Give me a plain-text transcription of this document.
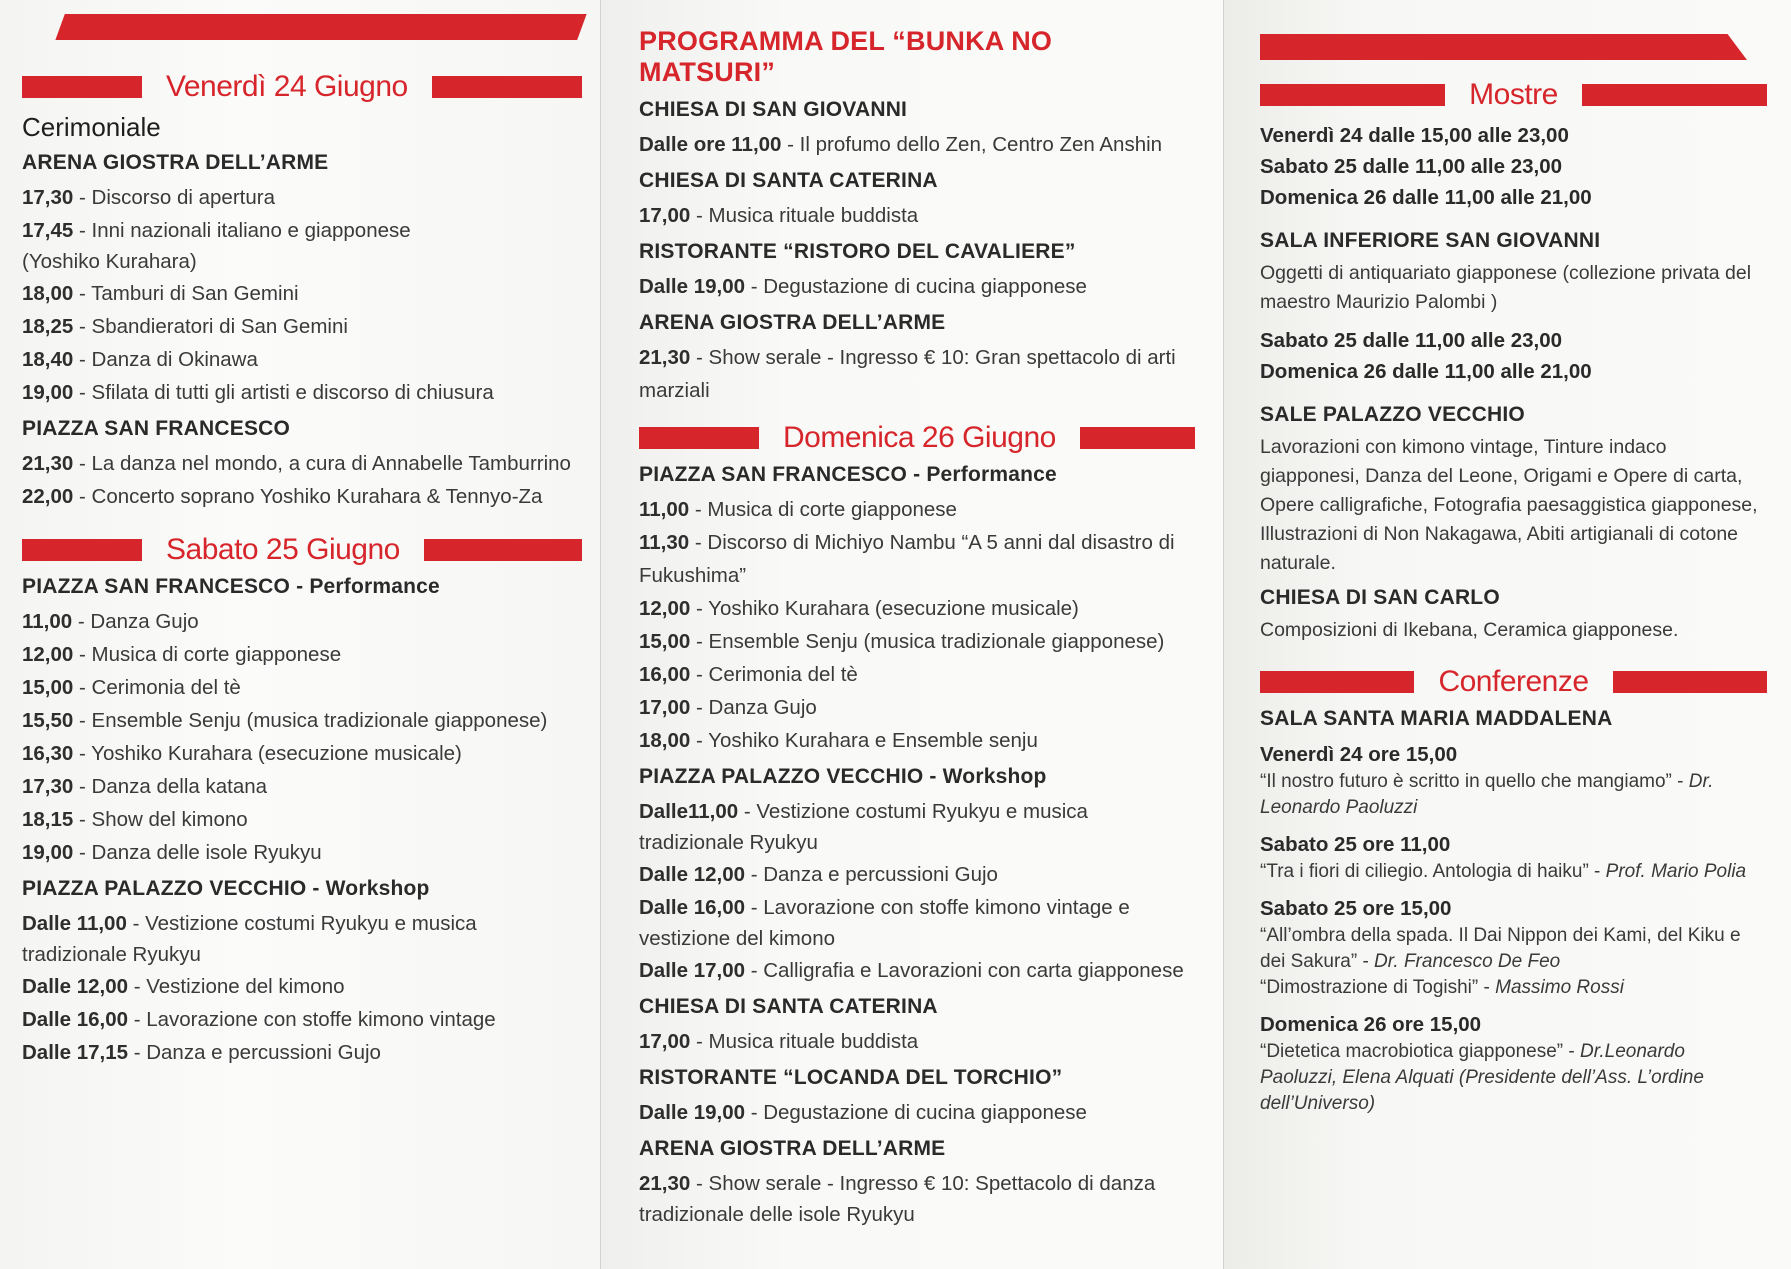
Venerdì 24 Giugno
Cerimoniale
ARENA GIOSTRA DELL’ARME
17,30 - Discorso di apertura
17,45 - Inni nazionali italiano e giapponese
(Yoshiko Kurahara)
18,00 - Tamburi di San Gemini
18,25 - Sbandieratori di San Gemini
18,40 - Danza di Okinawa
19,00 - Sfilata di tutti gli artisti e discorso di chiusura
PIAZZA SAN FRANCESCO
21,30 - La danza nel mondo, a cura di Annabelle Tamburrino
22,00 - Concerto soprano Yoshiko Kurahara & Tennyo-Za
Sabato 25 Giugno
PIAZZA SAN FRANCESCO - Performance
11,00 - Danza Gujo
12,00 - Musica di corte giapponese
15,00 - Cerimonia del tè
15,50 - Ensemble Senju (musica tradizionale giapponese)
16,30 - Yoshiko Kurahara (esecuzione musicale)
17,30 - Danza della katana
18,15 - Show del kimono
19,00 - Danza delle isole Ryukyu
PIAZZA PALAZZO VECCHIO - Workshop
Dalle 11,00 - Vestizione costumi Ryukyu e musica
tradizionale Ryukyu
Dalle 12,00 - Vestizione del kimono
Dalle 16,00 - Lavorazione con stoffe kimono vintage
Dalle 17,15 - Danza e percussioni Gujo
PROGRAMMA DEL “BUNKA NO MATSURI”
CHIESA DI SAN GIOVANNI
Dalle ore 11,00 - Il profumo dello Zen, Centro Zen Anshin
CHIESA DI SANTA CATERINA
17,00 - Musica rituale buddista
RISTORANTE “RISTORO DEL CAVALIERE”
Dalle 19,00 - Degustazione di cucina giapponese
ARENA GIOSTRA DELL’ARME
21,30 - Show serale - Ingresso € 10: Gran spettacolo di arti marziali
Domenica 26 Giugno
PIAZZA SAN FRANCESCO - Performance
11,00 - Musica di corte giapponese
11,30 - Discorso di Michiyo Nambu “A 5 anni dal disastro di Fukushima”
12,00 - Yoshiko Kurahara (esecuzione musicale)
15,00 - Ensemble Senju (musica tradizionale giapponese)
16,00 - Cerimonia del tè
17,00 - Danza Gujo
18,00 - Yoshiko Kurahara e Ensemble senju
PIAZZA PALAZZO VECCHIO - Workshop
Dalle11,00 - Vestizione costumi Ryukyu e musica
tradizionale Ryukyu
Dalle 12,00 - Danza e percussioni Gujo
Dalle 16,00 - Lavorazione con stoffe kimono vintage e
vestizione del kimono
Dalle 17,00 - Calligrafia e Lavorazioni con carta giapponese
CHIESA DI SANTA CATERINA
17,00 - Musica rituale buddista
RISTORANTE “LOCANDA DEL TORCHIO”
Dalle 19,00 - Degustazione di cucina giapponese
ARENA GIOSTRA DELL’ARME
21,30 - Show serale - Ingresso € 10: Spettacolo di danza
tradizionale delle isole Ryukyu
Mostre
Venerdì 24 dalle 15,00 alle 23,00
Sabato 25 dalle 11,00 alle 23,00
Domenica 26 dalle 11,00 alle 21,00
SALA INFERIORE SAN GIOVANNI
Oggetti di antiquariato giapponese (collezione privata del maestro Maurizio Palombi )
Sabato 25 dalle 11,00 alle 23,00
Domenica 26 dalle 11,00 alle 21,00
SALE PALAZZO VECCHIO
Lavorazioni con kimono vintage, Tinture indaco giapponesi, Danza del Leone, Origami e Opere di carta, Opere calligrafiche, Fotografia paesaggistica giapponese, Illustrazioni di Non Nakagawa, Abiti artigianali di cotone naturale.
CHIESA DI SAN CARLO
Composizioni di Ikebana, Ceramica giapponese.
Conferenze
SALA SANTA MARIA MADDALENA
Venerdì 24 ore 15,00
“Il nostro futuro è scritto in quello che mangiamo” - Dr. Leonardo Paoluzzi
Sabato 25 ore 11,00
“Tra i fiori di ciliegio. Antologia di haiku” - Prof. Mario Polia
Sabato 25 ore 15,00
“All’ombra della spada. Il Dai Nippon dei Kami, del Kiku e dei Sakura” - Dr. Francesco De Feo
“Dimostrazione di Togishi” - Massimo Rossi
Domenica 26 ore 15,00
“Dietetica macrobiotica giapponese” - Dr.Leonardo Paoluzzi, Elena Alquati (Presidente dell’Ass. L’ordine dell’Universo)
